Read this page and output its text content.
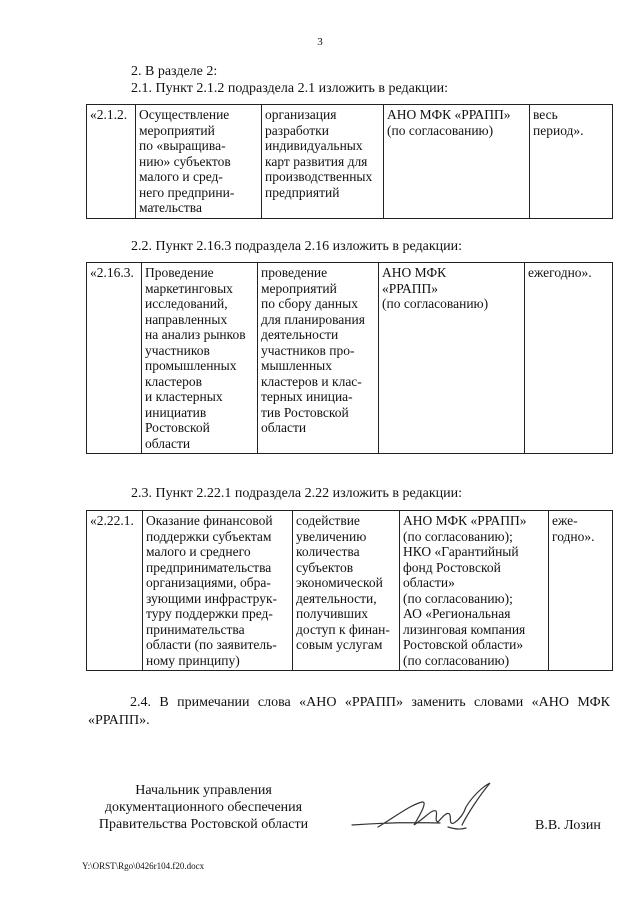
3
2. В разделе 2:
2.1. Пункт 2.1.2 подраздела 2.1 изложить в редакции:
«2.1.2.	Осуществление
мероприятий
по «выращива-
нию» субъектов
малого и сред-
него предприни-
мательства

организация
разработки
индивидуальных
карт развития для
производственных
предприятий

АНО МФК «РРАПП»
(по согласованию)

весь
период».
2.2. Пункт 2.16.3 подраздела 2.16 изложить в редакции:
«2.16.3.	Проведение
маркетинговых
исследований,
направленных
на анализ рынков
участников
промышленных
кластеров
и кластерных
инициатив
Ростовской
области

проведение
мероприятий
по сбору данных
для планирования
деятельности
участников про-
мышленных
кластеров и клас-
терных инициа-
тив Ростовской
области

АНО МФК
«РРАПП»
(по согласованию)

ежегодно».
2.3. Пункт 2.22.1 подраздела 2.22 изложить в редакции:
«2.22.1.	Оказание финансовой
поддержки субъектам
малого и среднего
предпринимательства
организациями, обра-
зующими инфраструк-
туру поддержки пред-
принимательства
области (по заявитель-
ному принципу)

содействие
увеличению
количества
субъектов
экономической
деятельности,
получивших
доступ к финан-
совым услугам

АНО МФК «РРАПП»
(по согласованию);
НКО «Гарантийный
фонд Ростовской
области»
(по согласованию);
АО «Региональная
лизинговая компания
Ростовской области»
(по согласованию)

еже-
годно».
2.4. В примечании слова «АНО «РРАПП» заменить словами «АНО МФК
«РРАПП».
Начальник управления
документационного обеспечения
Правительства Ростовской области	В.В. Лозин
Y:\ORST\Rgo\0426r104.f20.docx
